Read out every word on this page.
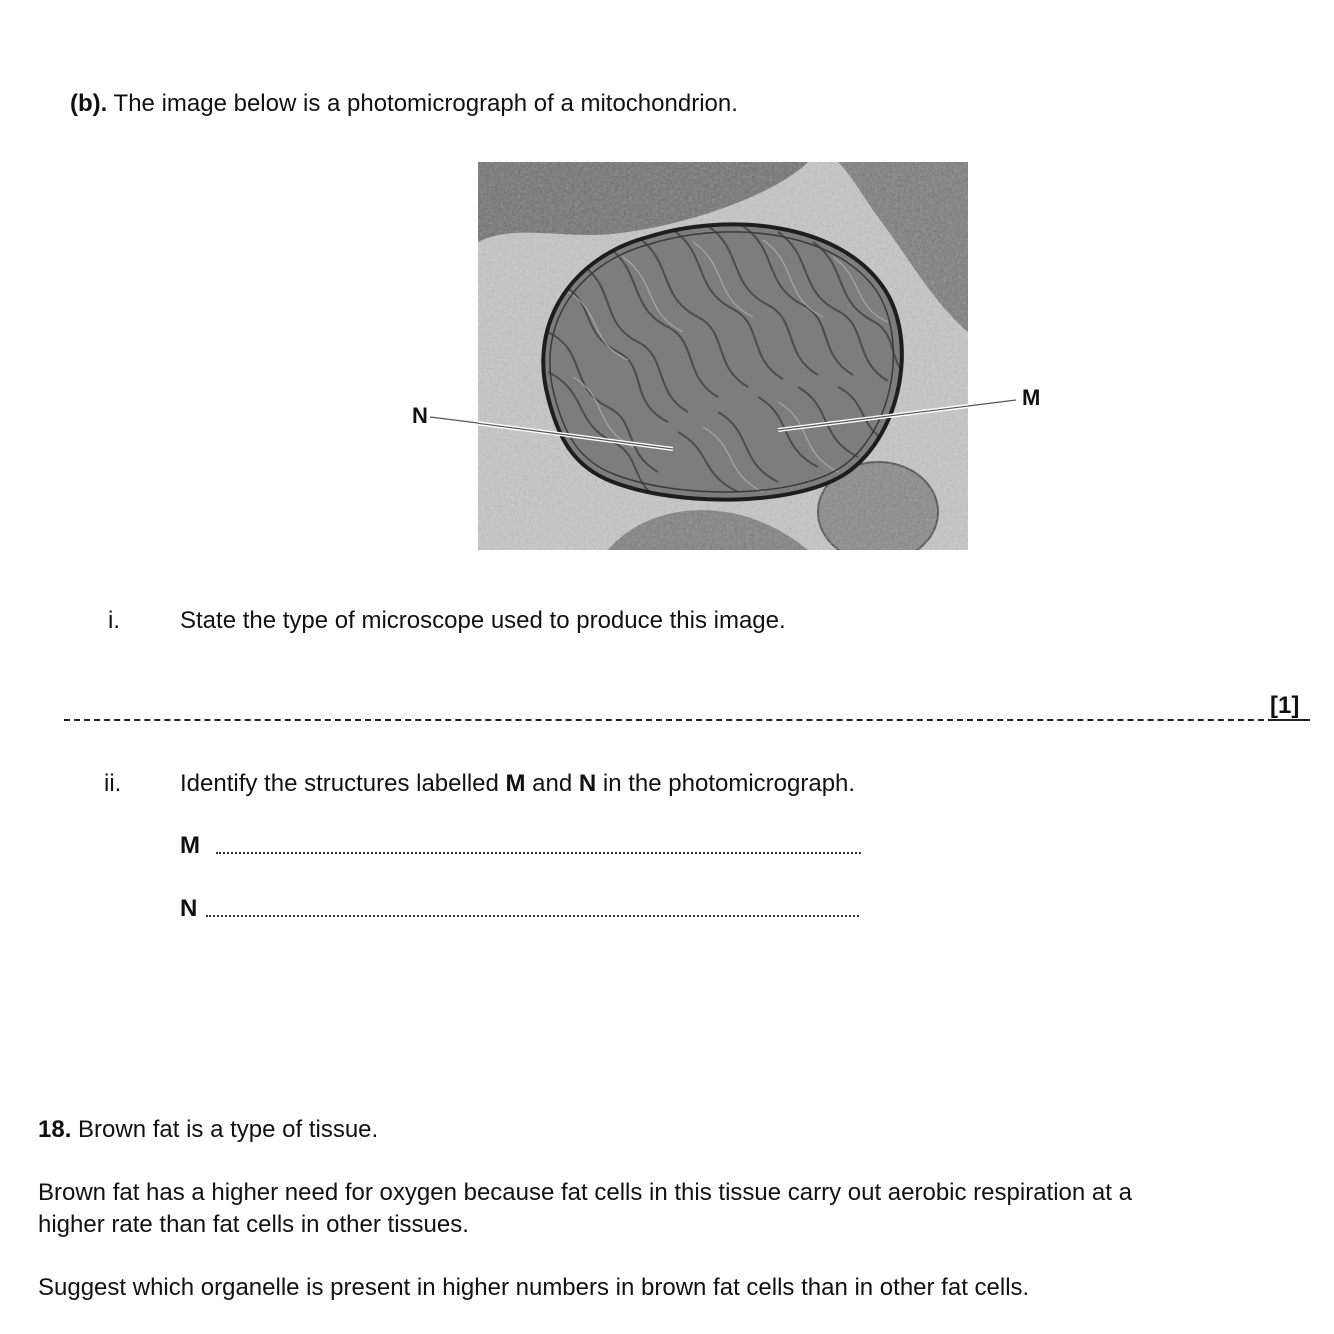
(b). The image below is a photomicrograph of a mitochondrion.
N
M
i.	State the type of microscope used to produce this image.
[1]
ii. Identify the structures labelled M and N in the photomicrograph.
M
N
18. Brown fat is a type of tissue.
Brown fat has a higher need for oxygen because fat cells in this tissue carry out aerobic respiration at a
higher rate than fat cells in other tissues.
Suggest which organelle is present in higher numbers in brown fat cells than in other fat cells.
